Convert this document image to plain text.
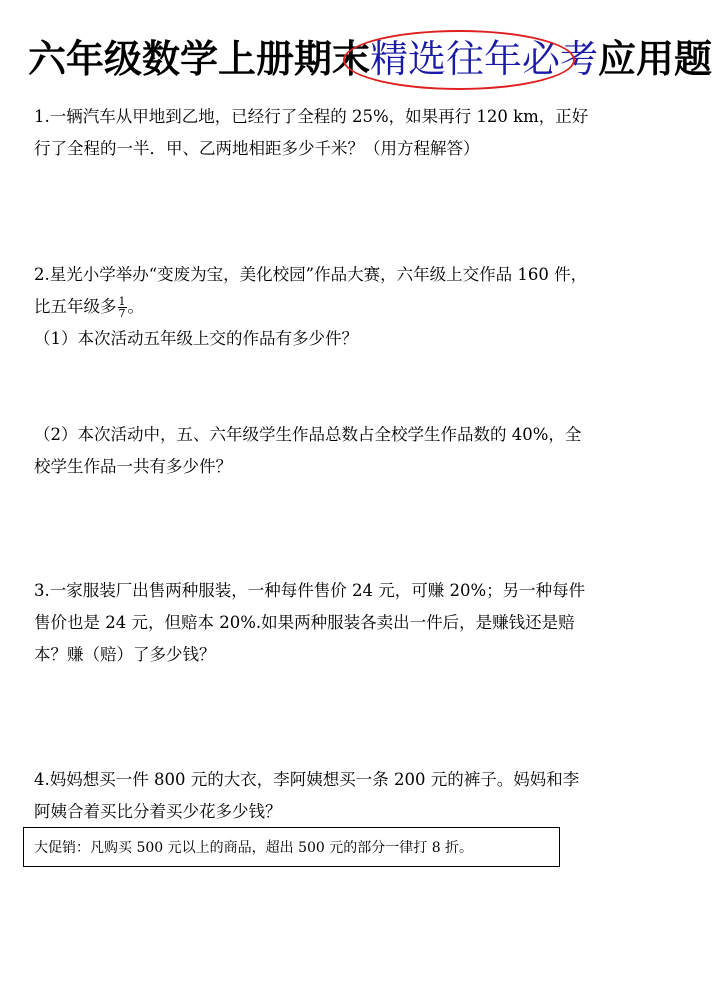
六年级数学上册期末精选往年必考应用题
1.一辆汽车从甲地到乙地，已经行了全程的 25%，如果再行 120 km，正好
行了全程的一半．甲、乙两地相距多少千米？（用方程解答）
2.星光小学举办“变废为宝，美化校园”作品大赛，六年级上交作品 160 件，
比五年级多 $\frac{1}{7}$ 。
（1）本次活动五年级上交的作品有多少件？
（2）本次活动中，五、六年级学生作品总数占全校学生作品数的 40%，全
校学生作品一共有多少件？
3.一家服装厂出售两种服装，一种每件售价 24 元，可赚 20%；另一种每件
售价也是 24 元，但赔本 20%.如果两种服装各卖出一件后，是赚钱还是赔
本？赚（赔）了多少钱？
4.妈妈想买一件 800 元的大衣，李阿姨想买一条 200 元的裤子。妈妈和李
阿姨合着买比分着买少花多少钱？
大促销：凡购买 500 元以上的商品，超出 500 元的部分一律打 8 折。
